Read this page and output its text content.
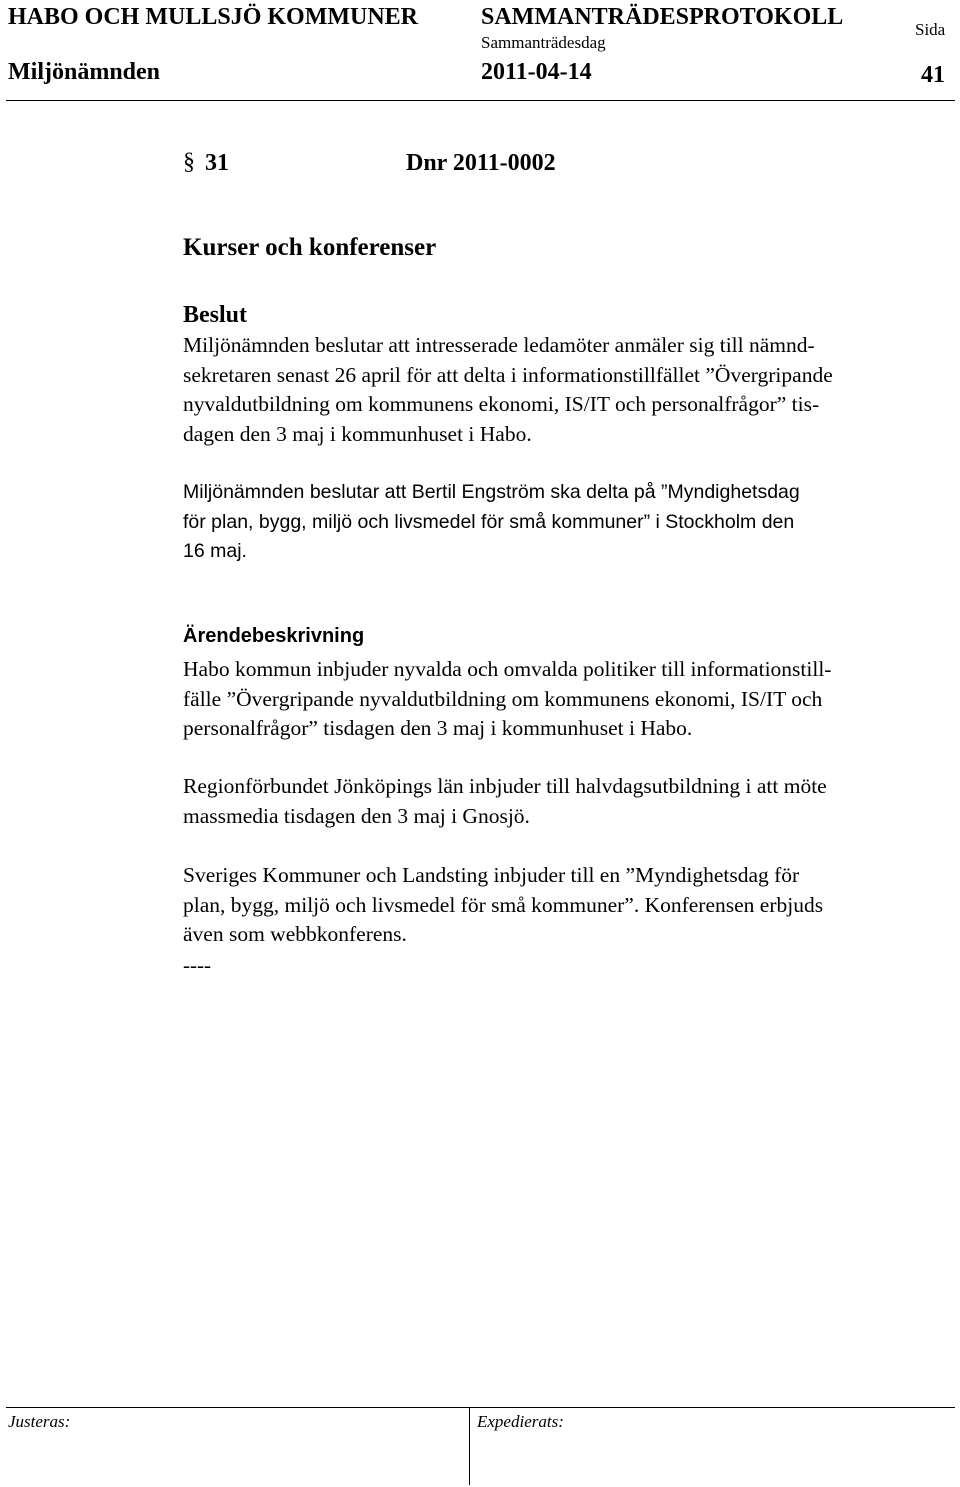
HABO OCH MULLSJÖ KOMMUNER	SAMMANTRÄDESPROTOKOLL	Sida
Sammanträdesdag
Miljönämnden	2011-04-14	41
§ 31	Dnr 2011-0002
Kurser och konferenser
Beslut
Miljönämnden beslutar att intresserade ledamöter anmäler sig till nämnd-
sekretaren senast 26 april för att delta i informationstillfället ”Övergripande
nyvaldutbildning om kommunens ekonomi, IS/IT och personalfrågor” tis-
dagen den 3 maj i kommunhuset i Habo.
Miljönämnden beslutar att Bertil Engström ska delta på ”Myndighetsdag
för plan, bygg, miljö och livsmedel för små kommuner” i Stockholm den
16 maj.
Ärendebeskrivning
Habo kommun inbjuder nyvalda och omvalda politiker till informationstill-
fälle ”Övergripande nyvaldutbildning om kommunens ekonomi, IS/IT och
personalfrågor” tisdagen den 3 maj i kommunhuset i Habo.
Regionförbundet Jönköpings län inbjuder till halvdagsutbildning i att möte
massmedia tisdagen den 3 maj i Gnosjö.
Sveriges Kommuner och Landsting inbjuder till en ”Myndighetsdag för
plan, bygg, miljö och livsmedel för små kommuner”. Konferensen erbjuds
även som webbkonferens.
----
Justeras:	Expedierats:
